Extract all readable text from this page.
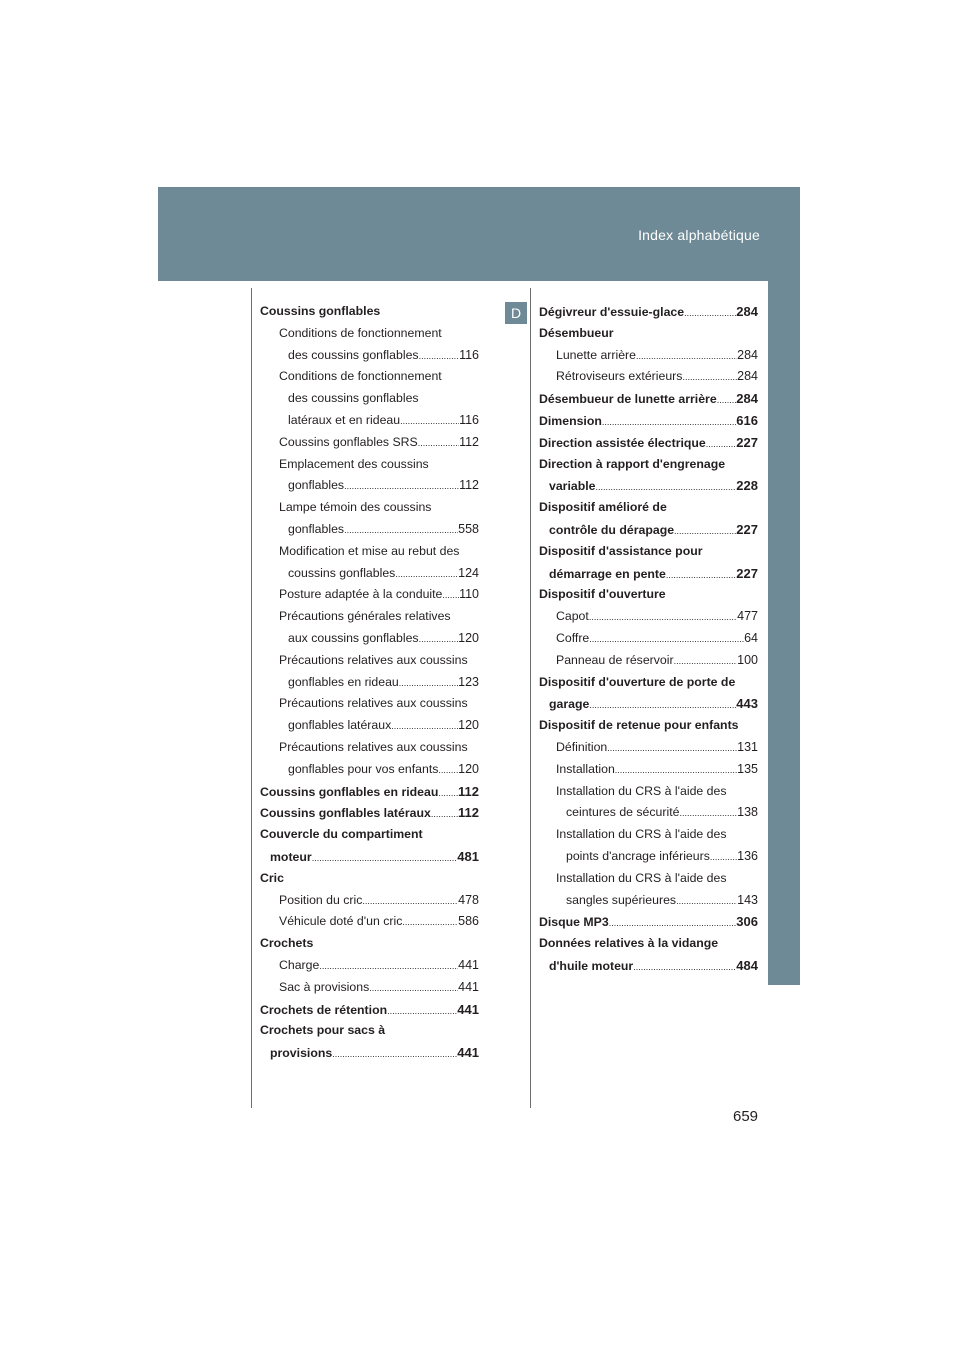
Index alphabétique
D
Coussins gonflables
Conditions de fonctionnement
des coussins gonflables .....	116
Conditions de fonctionnement
des coussins gonflables
latéraux et en rideau .....	116
Coussins gonflables SRS .....	112
Emplacement des coussins
gonflables .....	112
Lampe témoin des coussins
gonflables .....	558
Modification et mise au rebut des
coussins gonflables .....	124
Posture adaptée à la conduite ..... 110
Précautions générales relatives
aux coussins gonflables .....	120
Précautions relatives aux coussins
gonflables en rideau .....	123
Précautions relatives aux coussins
gonflables latéraux .....	120
Précautions relatives aux coussins
gonflables pour vos enfants ..... 120
Coussins gonflables en rideau ..... 112
Coussins gonflables latéraux ..... 112
Couvercle du compartiment
moteur .....	481
Cric
Position du cric .....	478
Véhicule doté d'un cric .....	586
Crochets
Charge .....	441
Sac à provisions .....	441
Crochets de rétention .....	441
Crochets pour sacs à
provisions .....	441
Dégivreur d'essuie-glace .....	284
Désembueur
Lunette arrière .....	284
Rétroviseurs extérieurs .....	284
Désembueur de lunette arrière ..... 284
Dimension .....	616
Direction assistée électrique ..... 227
Direction à rapport d'engrenage
variable .....	228
Dispositif amélioré de
contrôle du dérapage .....	227
Dispositif d'assistance pour
démarrage en pente .....	227
Dispositif d'ouverture
Capot .....	477
Coffre .....	64
Panneau de réservoir .....	100
Dispositif d'ouverture de porte de
garage .....	443
Dispositif de retenue pour enfants
Définition .....	131
Installation .....	135
Installation du CRS à l'aide des
ceintures de sécurité .....	138
Installation du CRS à l'aide des
points d'ancrage inférieurs ..... 136
Installation du CRS à l'aide des
sangles supérieures .....	143
Disque MP3 .....	306
Données relatives à la vidange
d'huile moteur .....	484
659
